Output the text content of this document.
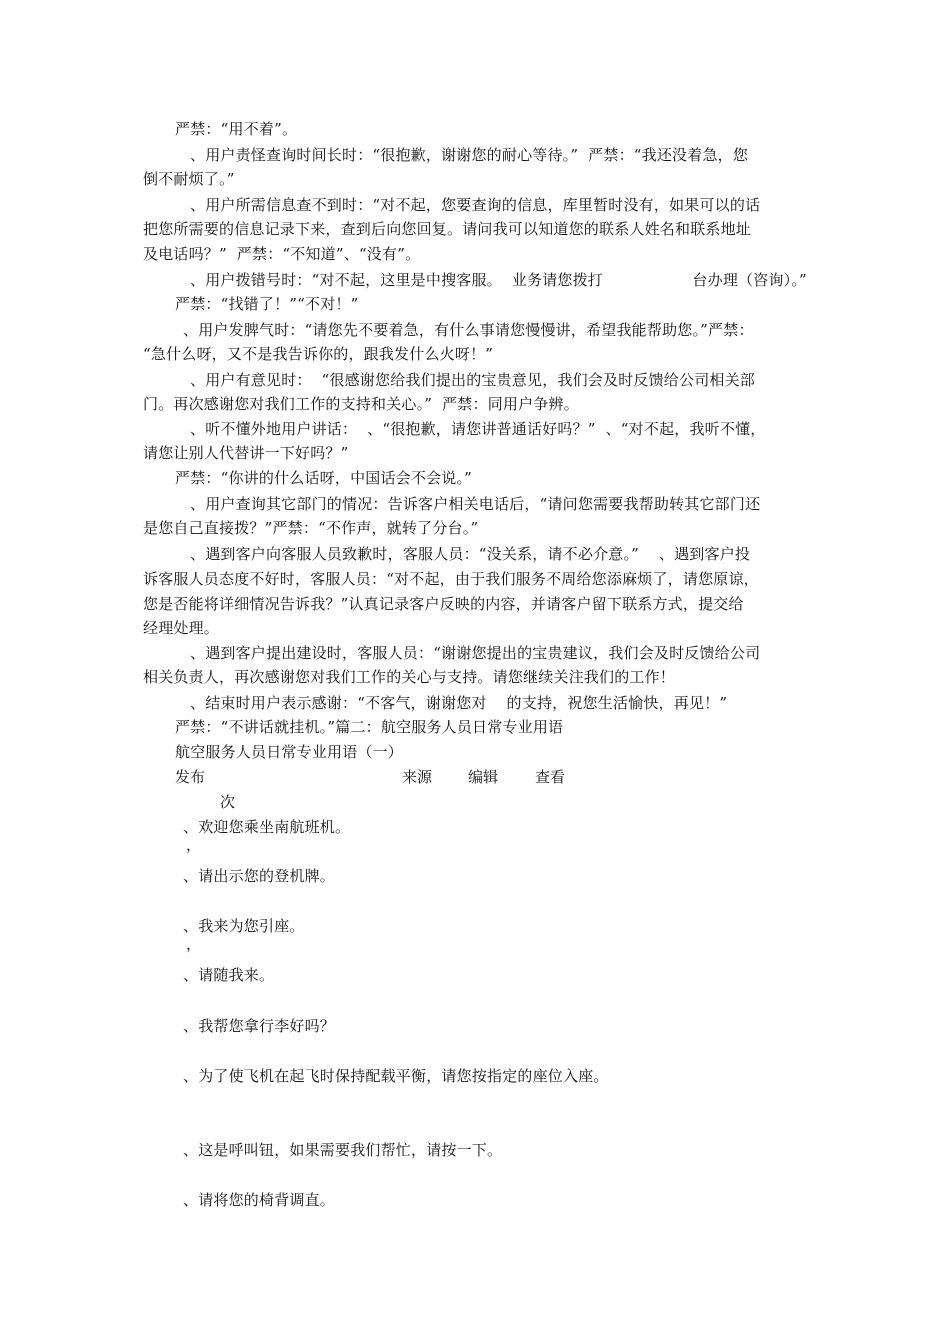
严禁：“用不着”。
、用户责怪查询时间长时：“很抱歉，谢谢您的耐心等待。”  严禁：“我还没着急，您
倒不耐烦了。”
、用户所需信息查不到时：“对不起，您要查询的信息，库里暂时没有，如果可以的话
把您所需要的信息记录下来，查到后向您回复。请问我可以知道您的联系人姓名和联系地址
及电话吗？”  严禁：“不知道”、“没有”。
、用户拨错号时：“对不起，这里是中搜客服。  业务请您拨打                  台办理（咨询）。”
严禁：“找错了！”“不对！”
、用户发脾气时：“请您先不要着急，有什么事请您慢慢讲，希望我能帮助您。”严禁：
“急什么呀，又不是我告诉你的，跟我发什么火呀！”
、用户有意见时：  “很感谢您给我们提出的宝贵意见，我们会及时反馈给公司相关部
门。再次感谢您对我们工作的支持和关心。”  严禁：同用户争辨。
、听不懂外地用户讲话：  、“很抱歉，请您讲普通话好吗？”  、“对不起，我听不懂，
请您让别人代替讲一下好吗？”
严禁：“你讲的什么话呀，中国话会不会说。”
、用户查询其它部门的情况：告诉客户相关电话后，“请问您需要我帮助转其它部门还
是您自己直接拨？”严禁：“不作声，就转了分台。”
、遇到客户向客服人员致歉时，客服人员：“没关系，请不必介意。”    、遇到客户投
诉客服人员态度不好时，客服人员：“对不起，由于我们服务不周给您添麻烦了，请您原谅，
您是否能将详细情况告诉我？”认真记录客户反映的内容，并请客户留下联系方式，提交给
经理处理。
、遇到客户提出建设时，客服人员：“谢谢您提出的宝贵建议，我们会及时反馈给公司
相关负责人，再次感谢您对我们工作的关心与支持。请您继续关注我们的工作！
、结束时用户表示感谢：“不客气，谢谢您对    的支持，祝您生活愉快，再见！”
严禁：“不讲话就挂机。”篇二：航空服务人员日常专业用语
航空服务人员日常专业用语（一）
发布	来源 编辑 查看
次
、欢迎您乘坐南航班机。
，
、请出示您的登机牌。
、我来为您引座。
，
、请随我来。
、我帮您拿行李好吗？
、为了使飞机在起飞时保持配载平衡，请您按指定的座位入座。
、这是呼叫钮，如果需要我们帮忙，请按一下。
、请将您的椅背调直。
